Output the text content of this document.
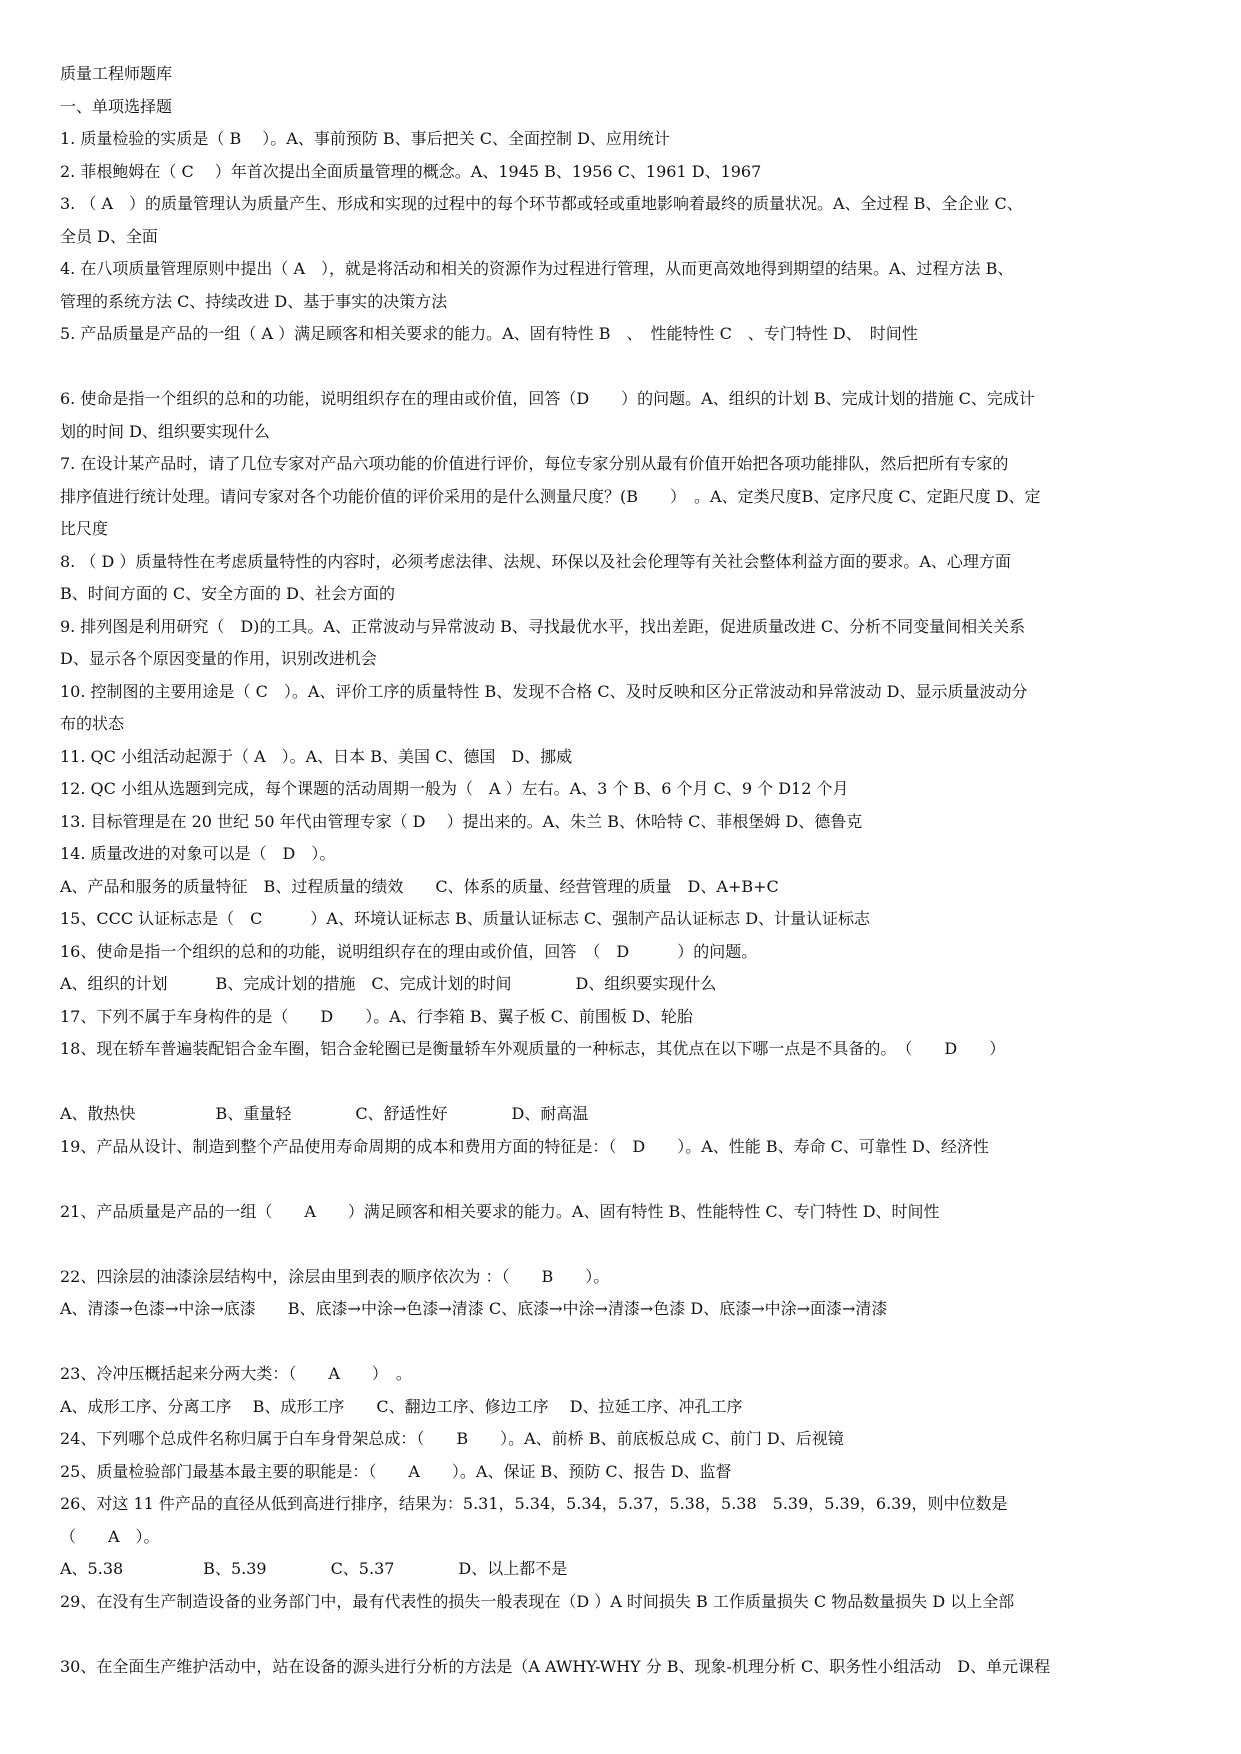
质量工程师题库
一、单项选择题
1. 质量检验的实质是（ B　 ）。A、事前预防 B、事后把关 C、全面控制 D、应用统计
2. 菲根鲍姆在（ C　 ）年首次提出全面质量管理的概念。A、1945 B、1956 C、1961 D、1967
3. （ A　）的质量管理认为质量产生、形成和实现的过程中的每个环节都或轻或重地影响着最终的质量状况。A、全过程 B、全企业 C、
全员 D、全面
4. 在八项质量管理原则中提出（ A　），就是将活动和相关的资源作为过程进行管理，从而更高效地得到期望的结果。A、过程方法 B、
管理的系统方法 C、持续改进 D、基于事实的决策方法
5. 产品质量是产品的一组（ A ）满足顾客和相关要求的能力。A、固有特性 B　、　性能特性 C　、专门特性 D、　时间性
6. 使命是指一个组织的总和的功能，说明组织存在的理由或价值，回答（D　　）的问题。A、组织的计划 B、完成计划的措施 C、完成计
划的时间 D、组织要实现什么
7. 在设计某产品时，请了几位专家对产品六项功能的价值进行评价，每位专家分别从最有价值开始把各项功能排队，然后把所有专家的
排序值进行统计处理。请问专家对各个功能价值的评价采用的是什么测量尺度？(B　　）　。A、定类尺度B、定序尺度 C、定距尺度 D、定
比尺度
8. （ D ）质量特性在考虑质量特性的内容时，必须考虑法律、法规、环保以及社会伦理等有关社会整体利益方面的要求。A、心理方面
B、时间方面的 C、安全方面的 D、社会方面的
9. 排列图是利用研究（　D)的工具。A、正常波动与异常波动 B、寻找最优水平，找出差距，促进质量改进 C、分析不同变量间相关关系
D、显示各个原因变量的作用，识别改进机会
10. 控制图的主要用途是（ C　）。A、评价工序的质量特性 B、发现不合格 C、及时反映和区分正常波动和异常波动 D、显示质量波动分
布的状态
11. QC 小组活动起源于（ A　）。A、日本 B、美国 C、德国　D、挪威
12. QC 小组从选题到完成，每个课题的活动周期一般为（　A ）左右。A、3 个 B、6 个月 C、9 个 D12 个月
13. 目标管理是在 20 世纪 50 年代由管理专家（ D　 ）提出来的。A、朱兰 B、休哈特 C、菲根堡姆 D、德鲁克
14. 质量改进的对象可以是（　D　）。
A、产品和服务的质量特征　B、过程质量的绩效　　C、体系的质量、经营管理的质量　D、A+B+C
15、CCC 认证标志是（　C　　　）A、环境认证标志 B、质量认证标志 C、强制产品认证标志 D、计量认证标志
16、使命是指一个组织的总和的功能，说明组织存在的理由或价值，回答　（　D　　　）的问题。
A、组织的计划　　　B、完成计划的措施　C、完成计划的时间　　　　D、组织要实现什么
17、下列不属于车身构件的是（　　D　　）。A、行李箱 B、翼子板 C、前围板 D、轮胎
18、现在轿车普遍装配铝合金车圈，铝合金轮圈已是衡量轿车外观质量的一种标志，其优点在以下哪一点是不具备的。　（　　D　　）
A、散热快　　　　　B、重量轻　　　　C、舒适性好　　　　D、耐高温
19、产品从设计、制造到整个产品使用寿命周期的成本和费用方面的特征是：（　D　　）。A、性能 B、寿命 C、可靠性 D、经济性
21、产品质量是产品的一组（　　A　　）满足顾客和相关要求的能力。A、固有特性 B、性能特性 C、专门特性 D、时间性
22、四涂层的油漆涂层结构中，涂层由里到表的顺序依次为 ：（　　B　　）。
A、清漆→色漆→中涂→底漆　　B、底漆→中涂→色漆→清漆 C、底漆→中涂→清漆→色漆 D、底漆→中涂→面漆→清漆
23、冷冲压概括起来分两大类：（　　A　　）　。
A、成形工序、分离工序　 B、成形工序　　C、翻边工序、修边工序　 D、拉延工序、冲孔工序
24、下列哪个总成件名称归属于白车身骨架总成：（　　B　　）。A、前桥 B、前底板总成 C、前门 D、后视镜
25、质量检验部门最基本最主要的职能是：（　　A　　）。A、保证 B、预防 C、报告 D、监督
26、对这 11 件产品的直径从低到高进行排序，结果为：5.31，5.34，5.34，5.37，5.38，5.38　5.39，5.39，6.39，则中位数是
（　　A　）。
A、5.38　　　　　B、5.39　　　　C、5.37　　　　D、以上都不是
29、在没有生产制造设备的业务部门中，最有代表性的损失一般表现在（D ）A 时间损失 B 工作质量损失 C 物品数量损失 D 以上全部
30、在全面生产维护活动中，站在设备的源头进行分析的方法是（A AWHY-WHY 分 B、现象-机理分析 C、职务性小组活动　D、单元课程
